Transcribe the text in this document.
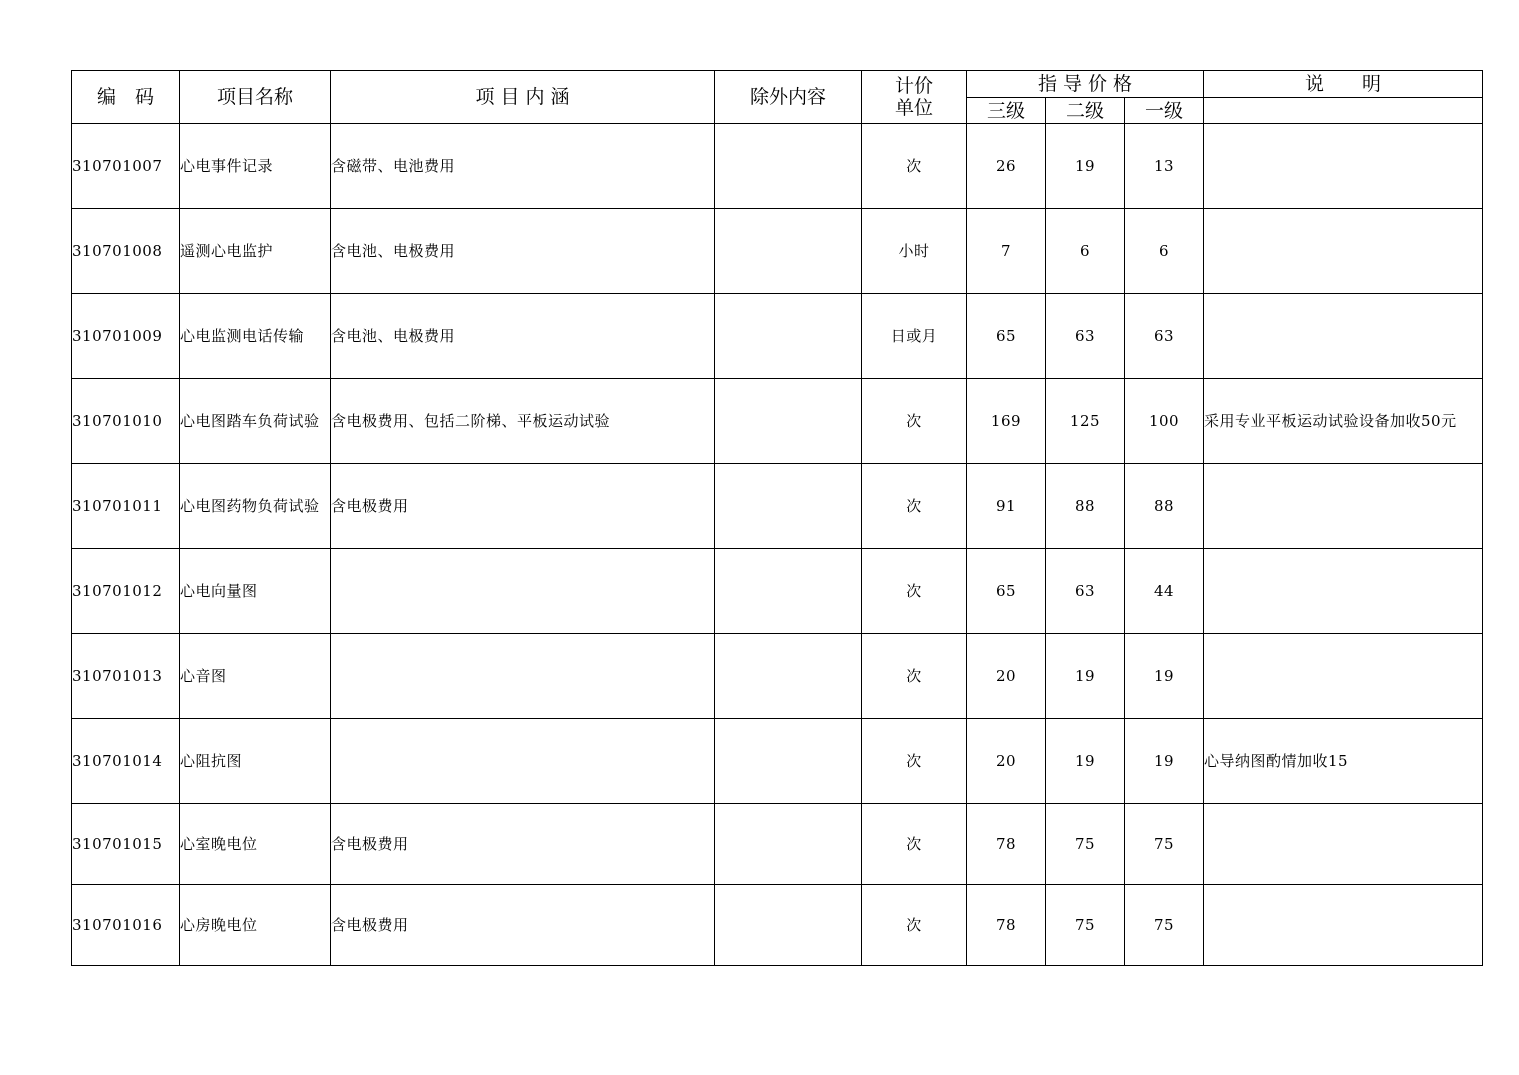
编　码	项目名称	项 目 内 涵	除外内容	计价
单位	指 导 价 格			说　　明
					三级	二级	一级	
310701007	心电事件记录	含磁带、电池费用		次	26	19	13	
310701008	遥测心电监护	含电池、电极费用		小时	7	6	6	
310701009	心电监测电话传输	含电池、电极费用		日或月	65	63	63	
310701010	心电图踏车负荷试验	含电极费用、包括二阶梯、平板运动试验		次	169	125	100	采用专业平板运动试验设备加收50元
310701011	心电图药物负荷试验	含电极费用		次	91	88	88	
310701012	心电向量图			次	65	63	44	
310701013	心音图			次	20	19	19	
310701014	心阻抗图			次	20	19	19	心导纳图酌情加收15
310701015	心室晚电位	含电极费用		次	78	75	75	
310701016	心房晚电位	含电极费用		次	78	75	75	
